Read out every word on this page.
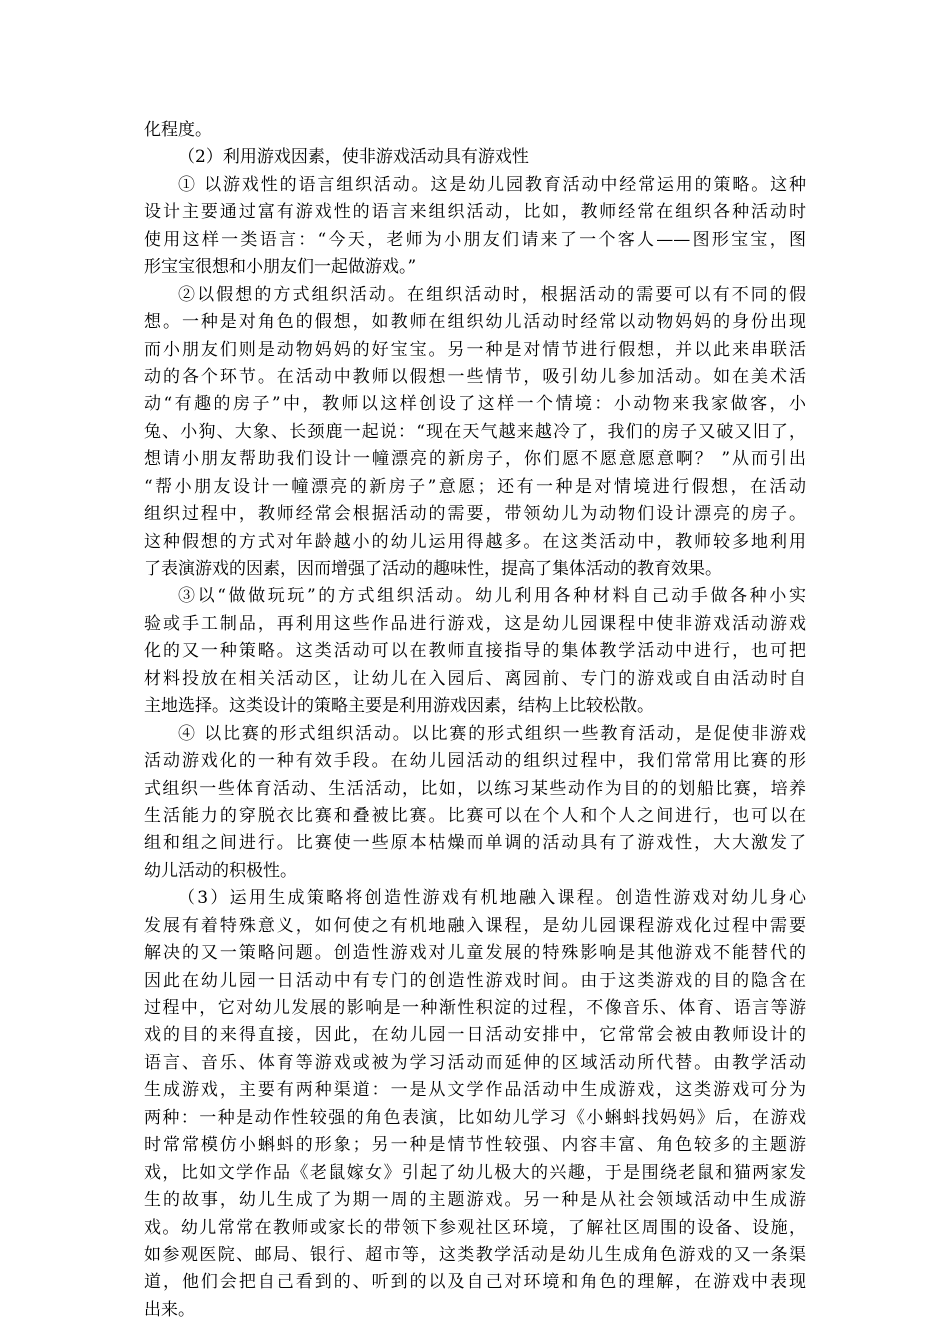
化程度。
（2）利用游戏因素，使非游戏活动具有游戏性
① 以游戏性的语言组织活动。这是幼儿园教育活动中经常运用的策略。这种
设计主要通过富有游戏性的语言来组织活动，比如，教师经常在组织各种活动时
使用这样一类语言：“今天，老师为小朋友们请来了一个客人——图形宝宝，图
形宝宝很想和小朋友们一起做游戏。”
②以假想的方式组织活动。在组织活动时，根据活动的需要可以有不同的假
想。一种是对角色的假想，如教师在组织幼儿活动时经常以动物妈妈的身份出现
而小朋友们则是动物妈妈的好宝宝。另一种是对情节进行假想，并以此来串联活
动的各个环节。在活动中教师以假想一些情节，吸引幼儿参加活动。如在美术活
动“有趣的房子”中，教师以这样创设了这样一个情境：小动物来我家做客，小
兔、小狗、大象、长颈鹿一起说：“现在天气越来越冷了，我们的房子又破又旧了，
想请小朋友帮助我们设计一幢漂亮的新房子，你们愿不愿意愿意啊？ ”从而引出
“帮小朋友设计一幢漂亮的新房子”意愿；还有一种是对情境进行假想，在活动
组织过程中，教师经常会根据活动的需要，带领幼儿为动物们设计漂亮的房子。
这种假想的方式对年龄越小的幼儿运用得越多。在这类活动中，教师较多地利用
了表演游戏的因素，因而增强了活动的趣味性，提高了集体活动的教育效果。
③以“做做玩玩”的方式组织活动。幼儿利用各种材料自己动手做各种小实
验或手工制品，再利用这些作品进行游戏，这是幼儿园课程中使非游戏活动游戏
化的又一种策略。这类活动可以在教师直接指导的集体教学活动中进行，也可把
材料投放在相关活动区，让幼儿在入园后、离园前、专门的游戏或自由活动时自
主地选择。这类设计的策略主要是利用游戏因素，结构上比较松散。
④ 以比赛的形式组织活动。以比赛的形式组织一些教育活动，是促使非游戏
活动游戏化的一种有效手段。在幼儿园活动的组织过程中，我们常常用比赛的形
式组织一些体育活动、生活活动，比如，以练习某些动作为目的的划船比赛，培养
生活能力的穿脱衣比赛和叠被比赛。比赛可以在个人和个人之间进行，也可以在
组和组之间进行。比赛使一些原本枯燥而单调的活动具有了游戏性，大大激发了
幼儿活动的积极性。
（3）运用生成策略将创造性游戏有机地融入课程。创造性游戏对幼儿身心
发展有着特殊意义，如何使之有机地融入课程，是幼儿园课程游戏化过程中需要
解决的又一策略问题。创造性游戏对儿童发展的特殊影响是其他游戏不能替代的
因此在幼儿园一日活动中有专门的创造性游戏时间。由于这类游戏的目的隐含在
过程中，它对幼儿发展的影响是一种渐性积淀的过程，不像音乐、体育、语言等游
戏的目的来得直接，因此，在幼儿园一日活动安排中，它常常会被由教师设计的
语言、音乐、体育等游戏或被为学习活动而延伸的区域活动所代替。由教学活动
生成游戏，主要有两种渠道：一是从文学作品活动中生成游戏，这类游戏可分为
两种：一种是动作性较强的角色表演，比如幼儿学习《小蝌蚪找妈妈》后，在游戏
时常常模仿小蝌蚪的形象；另一种是情节性较强、内容丰富、角色较多的主题游
戏，比如文学作品《老鼠嫁女》引起了幼儿极大的兴趣，于是围绕老鼠和猫两家发
生的故事，幼儿生成了为期一周的主题游戏。另一种是从社会领域活动中生成游
戏。幼儿常常在教师或家长的带领下参观社区环境，了解社区周围的设备、设施，
如参观医院、邮局、银行、超市等，这类教学活动是幼儿生成角色游戏的又一条渠
道，他们会把自己看到的、听到的以及自己对环境和角色的理解，在游戏中表现
出来。
